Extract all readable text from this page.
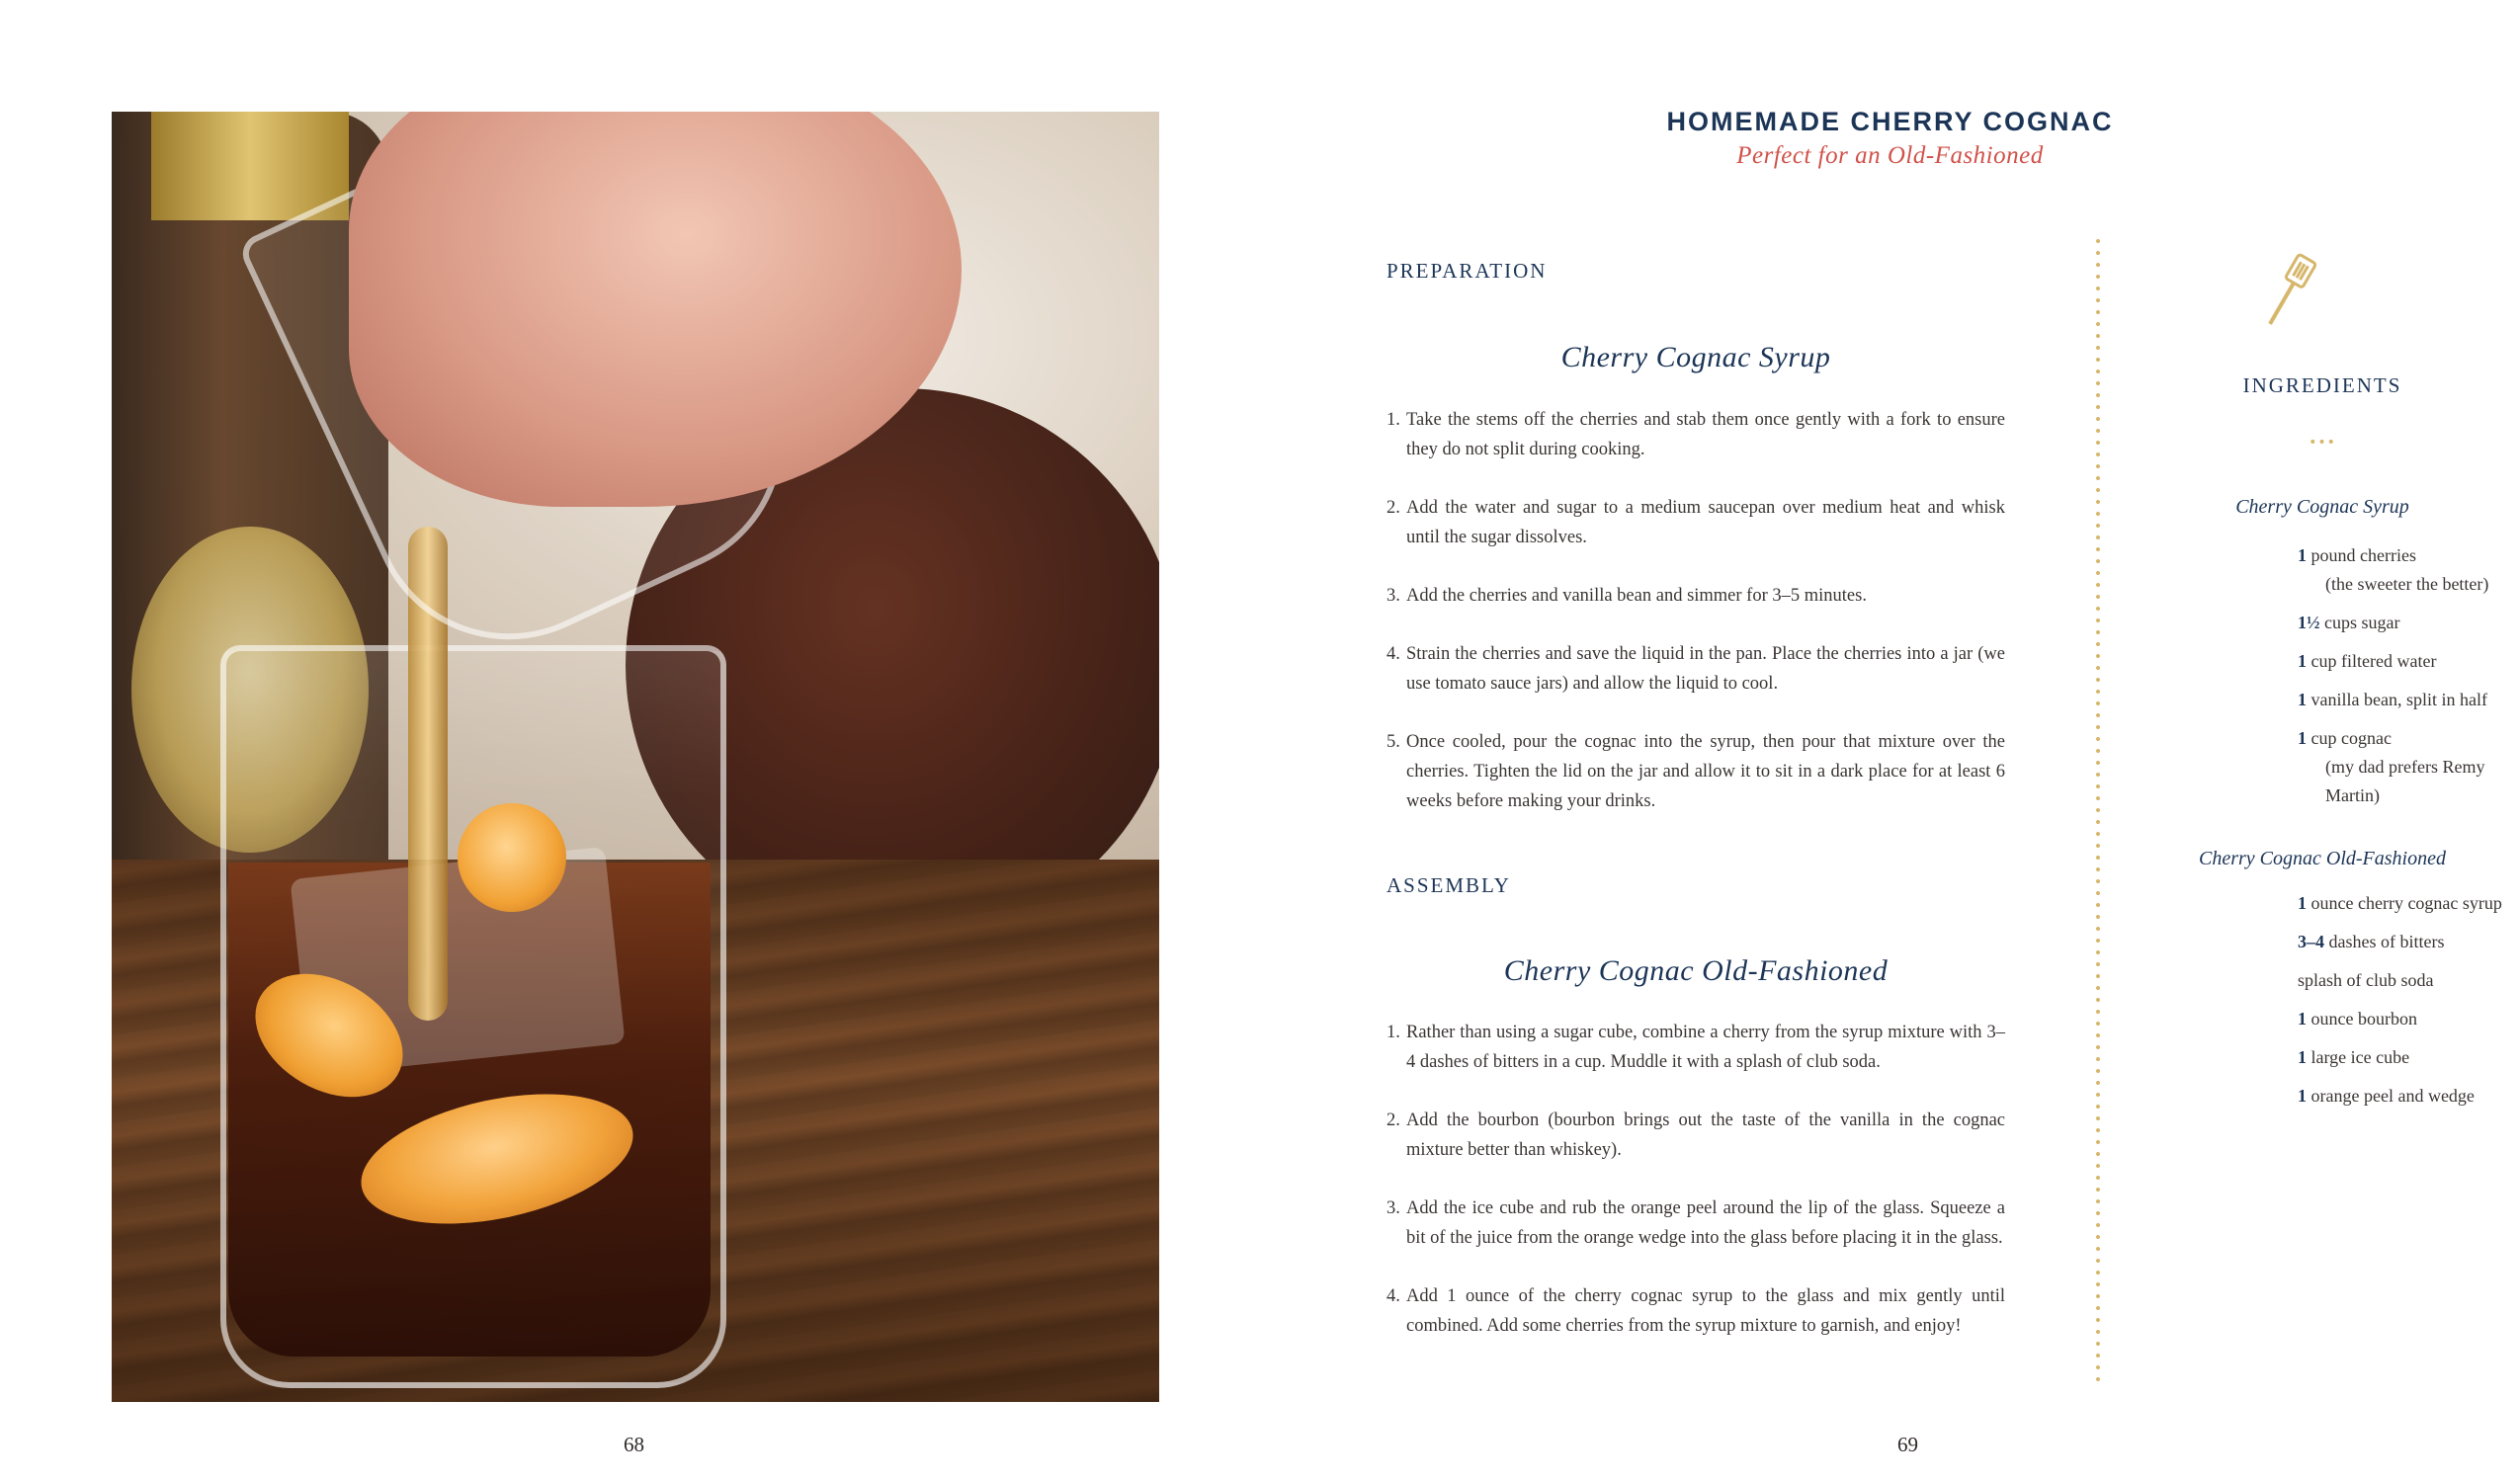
68
HOMEMADE CHERRY COGNAC
Perfect for an Old-Fashioned
PREPARATION
Cherry Cognac Syrup
1. Take the stems off the cherries and stab them once gently with a fork to ensure they do not split during cooking.
2. Add the water and sugar to a medium saucepan over medium heat and whisk until the sugar dissolves.
3. Add the cherries and vanilla bean and simmer for 3–5 minutes.
4. Strain the cherries and save the liquid in the pan. Place the cherries into a jar (we use tomato sauce jars) and allow the liquid to cool.
5. Once cooled, pour the cognac into the syrup, then pour that mixture over the cherries. Tighten the lid on the jar and allow it to sit in a dark place for at least 6 weeks before making your drinks.
ASSEMBLY
Cherry Cognac Old-Fashioned
1. Rather than using a sugar cube, combine a cherry from the syrup mixture with 3–4 dashes of bitters in a cup. Muddle it with a splash of club soda.
2. Add the bourbon (bourbon brings out the taste of the vanilla in the cognac mixture better than whiskey).
3. Add the ice cube and rub the orange peel around the lip of the glass. Squeeze a bit of the juice from the orange wedge into the glass before placing it in the glass.
4. Add 1 ounce of the cherry cognac syrup to the glass and mix gently until combined. Add some cherries from the syrup mixture to garnish, and enjoy!
INGREDIENTS
•••
Cherry Cognac Syrup
1 pound cherries
(the sweeter the better)
1½ cups sugar
1 cup filtered water
1 vanilla bean, split in half
1 cup cognac
(my dad prefers Remy Martin)
Cherry Cognac Old-Fashioned
1 ounce cherry cognac syrup
3–4 dashes of bitters
splash of club soda
1 ounce bourbon
1 large ice cube
1 orange peel and wedge
69
